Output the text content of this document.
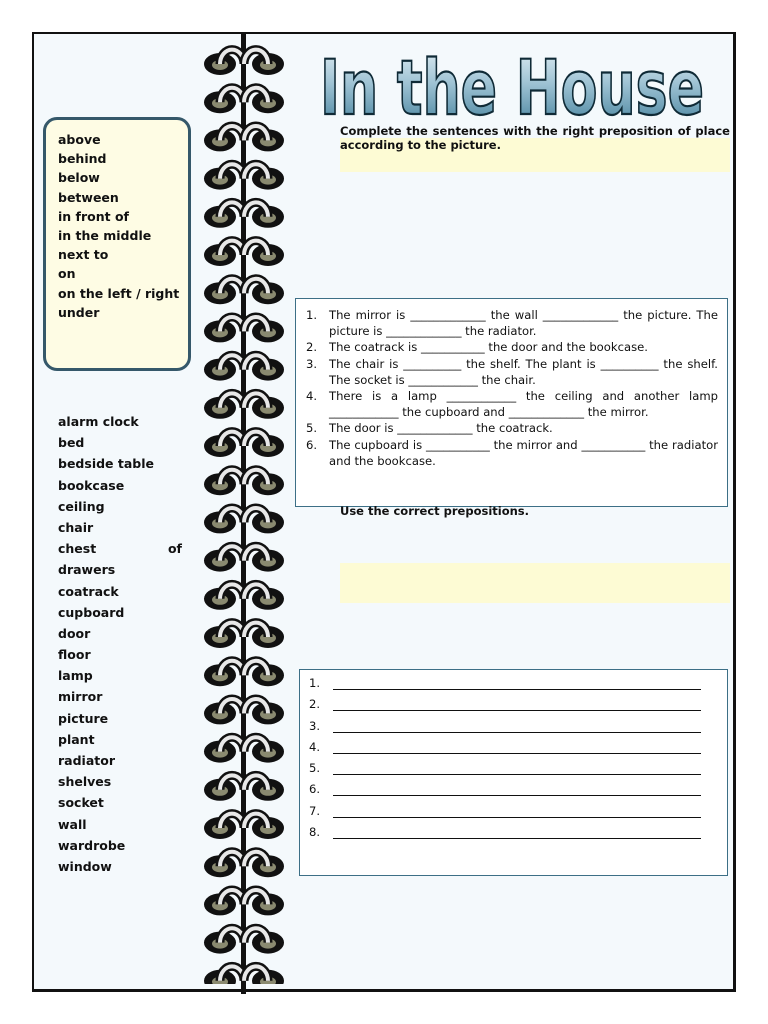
above
behind
below
between
in front of
in the middle
next to
on
on the left / right
under
alarm clock
bed
bedside table
bookcase
ceiling
chair
chest	of
drawers
coatrack
cupboard
door
floor
lamp
mirror
picture
plant
radiator
shelves
socket
wall
wardrobe
window
In the House

Complete the sentences with the right preposition of place according to the picture.

1.	The mirror is _____________ the wall _____________ the picture. The picture is _____________ the radiator.
2.	The coatrack is ___________ the door and the bookcase.
3.	The chair is __________ the shelf. The plant is __________ the shelf. The socket is ____________ the chair.
4.	There is a lamp ____________ the ceiling and another lamp ____________ the cupboard and _____________ the mirror.
5.	The door is _____________ the coatrack.
6.	The cupboard is ___________ the mirror and ___________ the radiator and the bookcase.

Use the correct prepositions.

1.
2.
3.
4.
5.
6.
7.
8.
